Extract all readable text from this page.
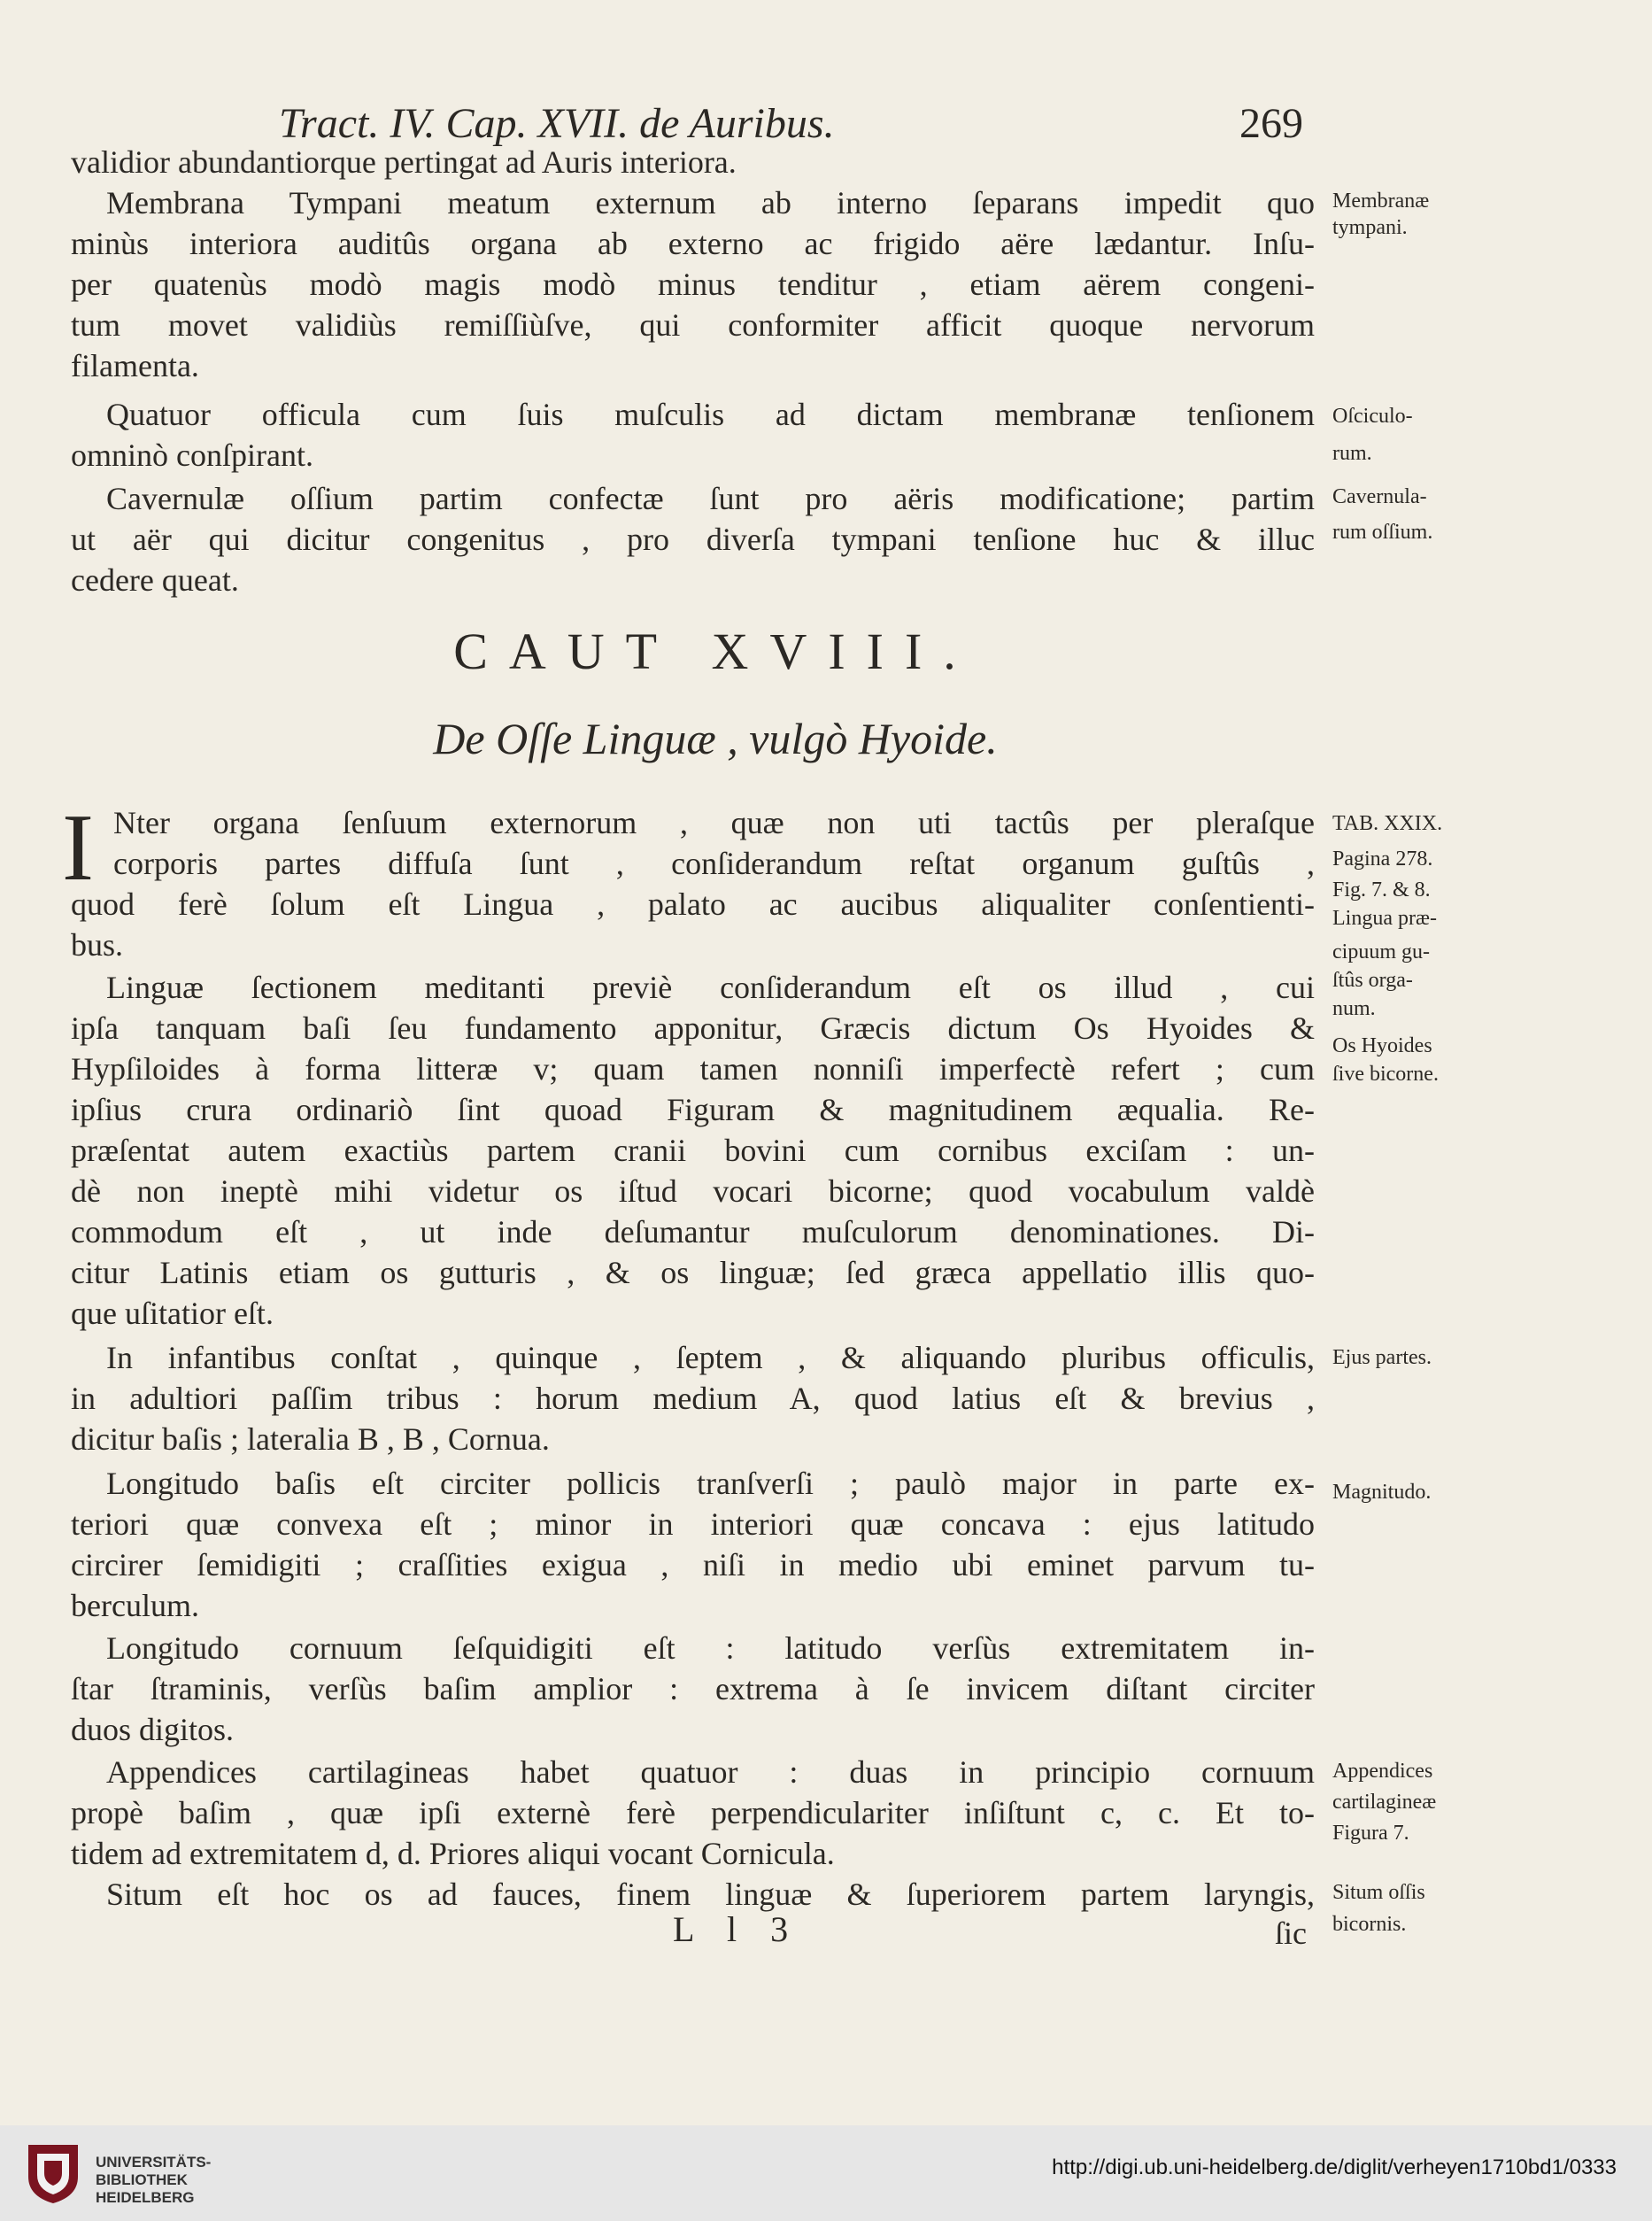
Tract. IV. Cap. XVII. de Auribus.	269
validior abundantiorque pertingat ad Auris interiora.
Membrana Tympani meatum externum ab interno ſeparans impedit quo
minùs interiora auditûs organa ab externo ac frigido aëre lædantur. Inſu-
per quatenùs modò magis modò minus tenditur , etiam aërem congeni-
tum movet validiùs remiſſiùſve, qui conformiter afficit quoque nervorum
filamenta.
Quatuor officula cum ſuis muſculis ad dictam membranæ tenſionem
omninò conſpirant.
Cavernulæ oſſium partim confectæ ſunt pro aëris modificatione; partim
ut aër qui dicitur congenitus , pro diverſa tympani tenſione huc & illuc
cedere queat.
CAUT XVIII.
De Oſſe Linguæ , vulgò Hyoide.
I Nter organa ſenſuum externorum , quæ non uti tactûs per pleraſque
corporis partes diffuſa ſunt , conſiderandum reſtat organum guſtûs ,
quod ferè ſolum eſt Lingua , palato ac aucibus aliqualiter conſentienti-
bus.
Linguæ ſectionem meditanti previè conſiderandum eſt os illud , cui
ipſa tanquam baſi ſeu fundamento apponitur, Græcis dictum Os Hyoides &
Hypſiloides à forma litteræ v; quam tamen nonniſi imperfectè refert ; cum
ipſius crura ordinariò ſint quoad Figuram & magnitudinem æqualia. Re-
præſentat autem exactiùs partem cranii bovini cum cornibus exciſam : un-
dè non ineptè mihi videtur os iſtud vocari bicorne; quod vocabulum valdè
commodum eſt , ut inde deſumantur muſculorum denominationes. Di-
citur Latinis etiam os gutturis , & os linguæ; ſed græca appellatio illis quo-
que uſitatior eſt.
In infantibus conſtat , quinque , ſeptem , & aliquando pluribus officulis,
in adultiori paſſim tribus : horum medium A, quod latius eſt & brevius ,
dicitur baſis ; lateralia B , B , Cornua.
Longitudo baſis eſt circiter pollicis tranſverſi ; paulò major in parte ex-
teriori quæ convexa eſt ; minor in interiori quæ concava : ejus latitudo
circirer ſemidigiti ; craſſities exigua , niſi in medio ubi eminet parvum tu-
berculum.
Longitudo cornuum ſeſquidigiti eſt : latitudo verſùs extremitatem in-
ſtar ſtraminis, verſùs baſim amplior : extrema à ſe invicem diſtant circiter
duos digitos.
Appendices cartilagineas habet quatuor : duas in principio cornuum
propè baſim , quæ ipſi externè ferè perpendiculariter inſiſtunt c, c. Et to-
tidem ad extremitatem d, d. Priores aliqui vocant Cornicula.
Situm eſt hoc os ad fauces, finem linguæ & ſuperiorem partem laryngis,
L l 3	ſic
Membranæ
tympani.
Oſciculo-
rum.
Cavernula-
rum oſſium.
TAB. XXIX.
Pagina 278.
Fig. 7. & 8.
Lingua præ-
cipuum gu-
ſtûs orga-
num.
Os Hyoides
ſive bicorne.
Ejus partes.
Magnitudo.
Appendices
cartilagineæ
Figura 7.
Situm oſſis
bicornis.
UNIVERSITÄTS-
BIBLIOTHEK
HEIDELBERG
http://digi.ub.uni-heidelberg.de/diglit/verheyen1710bd1/0333
